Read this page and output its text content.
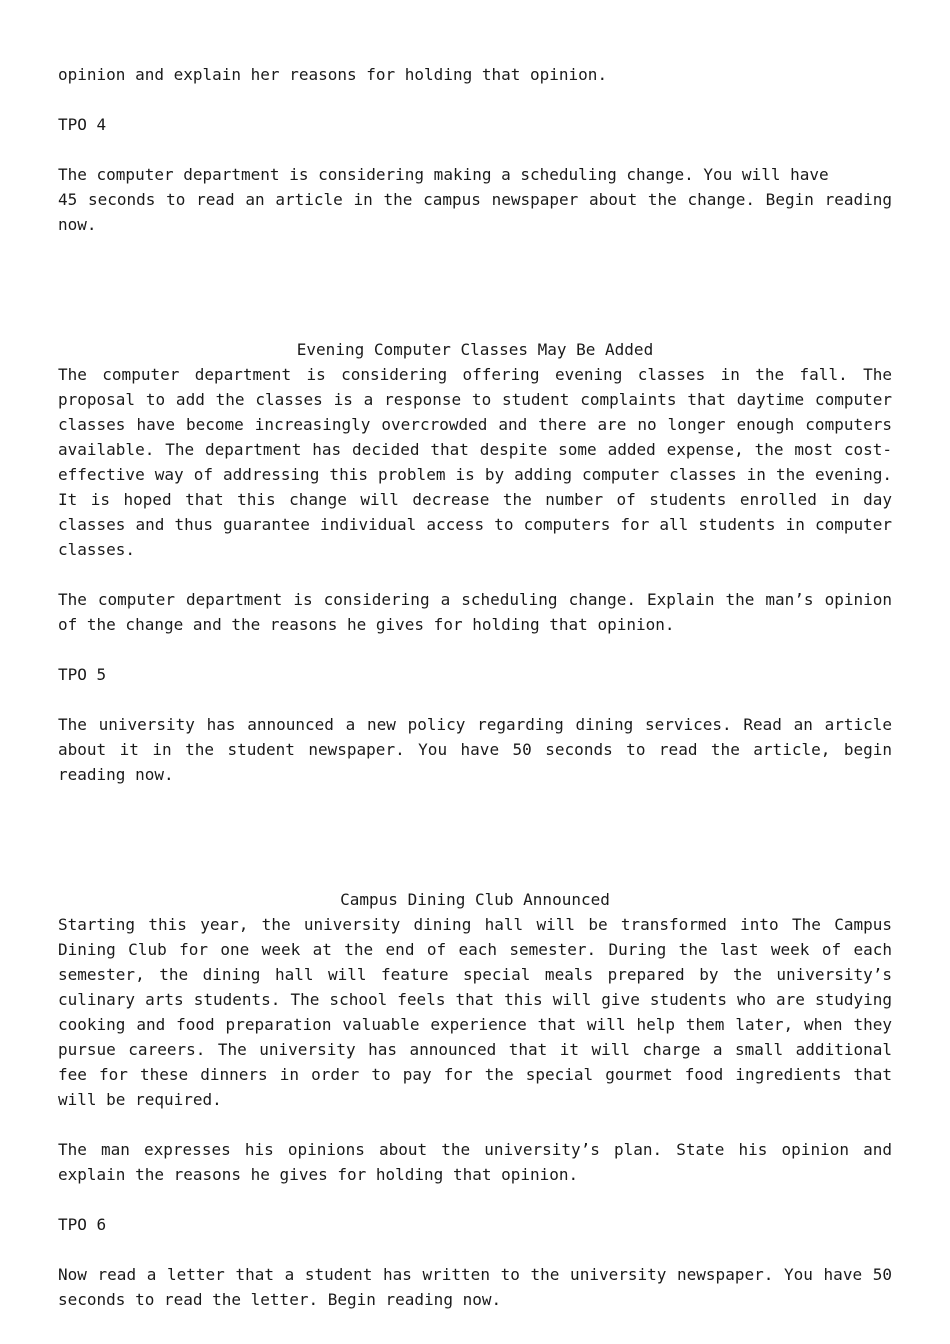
opinion and explain her reasons for holding that opinion.

TPO 4

The computer department is considering making a scheduling change. You will have

45 seconds to read an article in the campus newspaper about the change. Begin reading now.

Evening Computer Classes May Be Added

The computer department is considering offering evening classes in the fall. The proposal to add the classes is a response to student complaints that daytime computer classes have become increasingly overcrowded and there are no longer enough computers available. The department has decided that despite some added expense, the most cost-effective way of addressing this problem is by adding computer classes in the evening. It is hoped that this change will decrease the number of students enrolled in day classes and thus guarantee individual access to computers for all students in computer classes.

The computer department is considering a scheduling change. Explain the man’s opinion of the change and the reasons he gives for holding that opinion.

TPO 5

The university has announced a new policy regarding dining services. Read an article about it in the student newspaper. You have 50 seconds to read the article, begin reading now.

Campus Dining Club Announced

Starting this year, the university dining hall will be transformed into The Campus Dining Club for one week at the end of each semester. During the last week of each semester, the dining hall will feature special meals prepared by the university’s culinary arts students. The school feels that this will give students who are studying cooking and food preparation valuable experience that will help them later, when they pursue careers. The university has announced that it will charge a small additional fee for these dinners in order to pay for the special gourmet food ingredients that will be required.

The man expresses his opinions about the university’s plan. State his opinion and explain the reasons he gives for holding that opinion.

TPO 6

Now read a letter that a student has written to the university newspaper. You have 50 seconds to read the letter. Begin reading now.
